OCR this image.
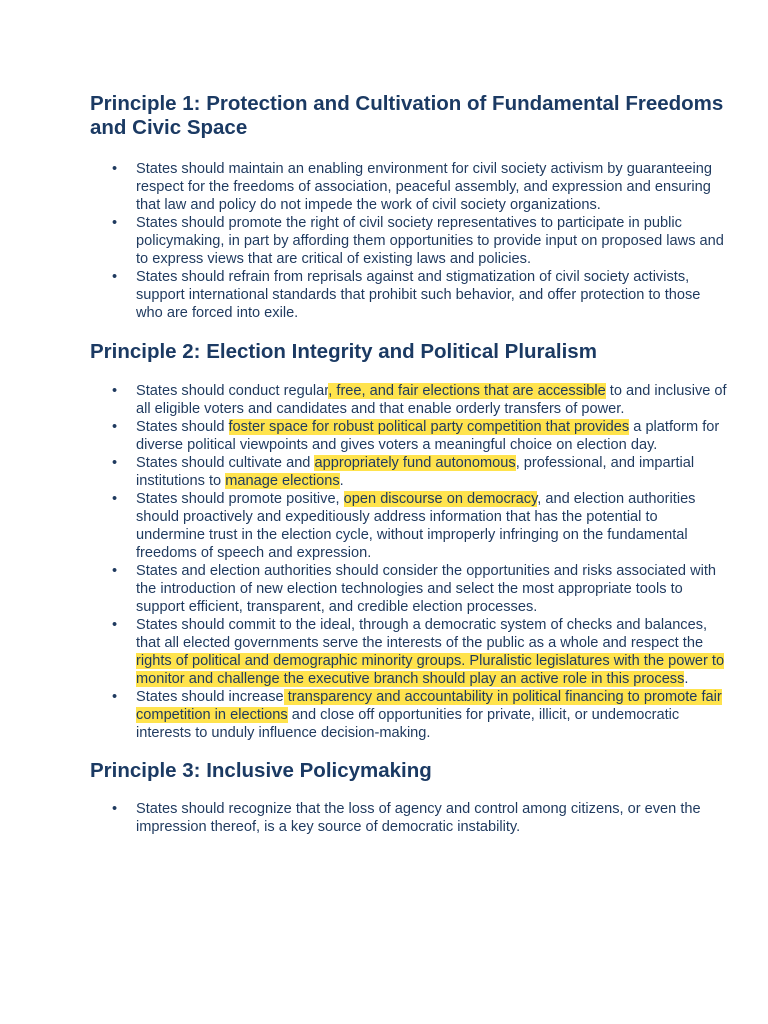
Principle 1: Protection and Cultivation of Fundamental Freedoms and Civic Space
• States should maintain an enabling environment for civil society activism by guaranteeing respect for the freedoms of association, peaceful assembly, and expression and ensuring that law and policy do not impede the work of civil society organizations.
• States should promote the right of civil society representatives to participate in public policymaking, in part by affording them opportunities to provide input on proposed laws and to express views that are critical of existing laws and policies.
• States should refrain from reprisals against and stigmatization of civil society activists, support international standards that prohibit such behavior, and offer protection to those who are forced into exile.
Principle 2: Election Integrity and Political Pluralism
• States should conduct regular, free, and fair elections that are accessible to and inclusive of all eligible voters and candidates and that enable orderly transfers of power.
• States should foster space for robust political party competition that provides a platform for diverse political viewpoints and gives voters a meaningful choice on election day.
• States should cultivate and appropriately fund autonomous, professional, and impartial institutions to manage elections.
• States should promote positive, open discourse on democracy, and election authorities should proactively and expeditiously address information that has the potential to undermine trust in the election cycle, without improperly infringing on the fundamental freedoms of speech and expression.
• States and election authorities should consider the opportunities and risks associated with the introduction of new election technologies and select the most appropriate tools to support efficient, transparent, and credible election processes.
• States should commit to the ideal, through a democratic system of checks and balances, that all elected governments serve the interests of the public as a whole and respect the rights of political and demographic minority groups. Pluralistic legislatures with the power to monitor and challenge the executive branch should play an active role in this process.
• States should increase transparency and accountability in political financing to promote fair competition in elections and close off opportunities for private, illicit, or undemocratic interests to unduly influence decision-making.
Principle 3: Inclusive Policymaking
• States should recognize that the loss of agency and control among citizens, or even the impression thereof, is a key source of democratic instability.
